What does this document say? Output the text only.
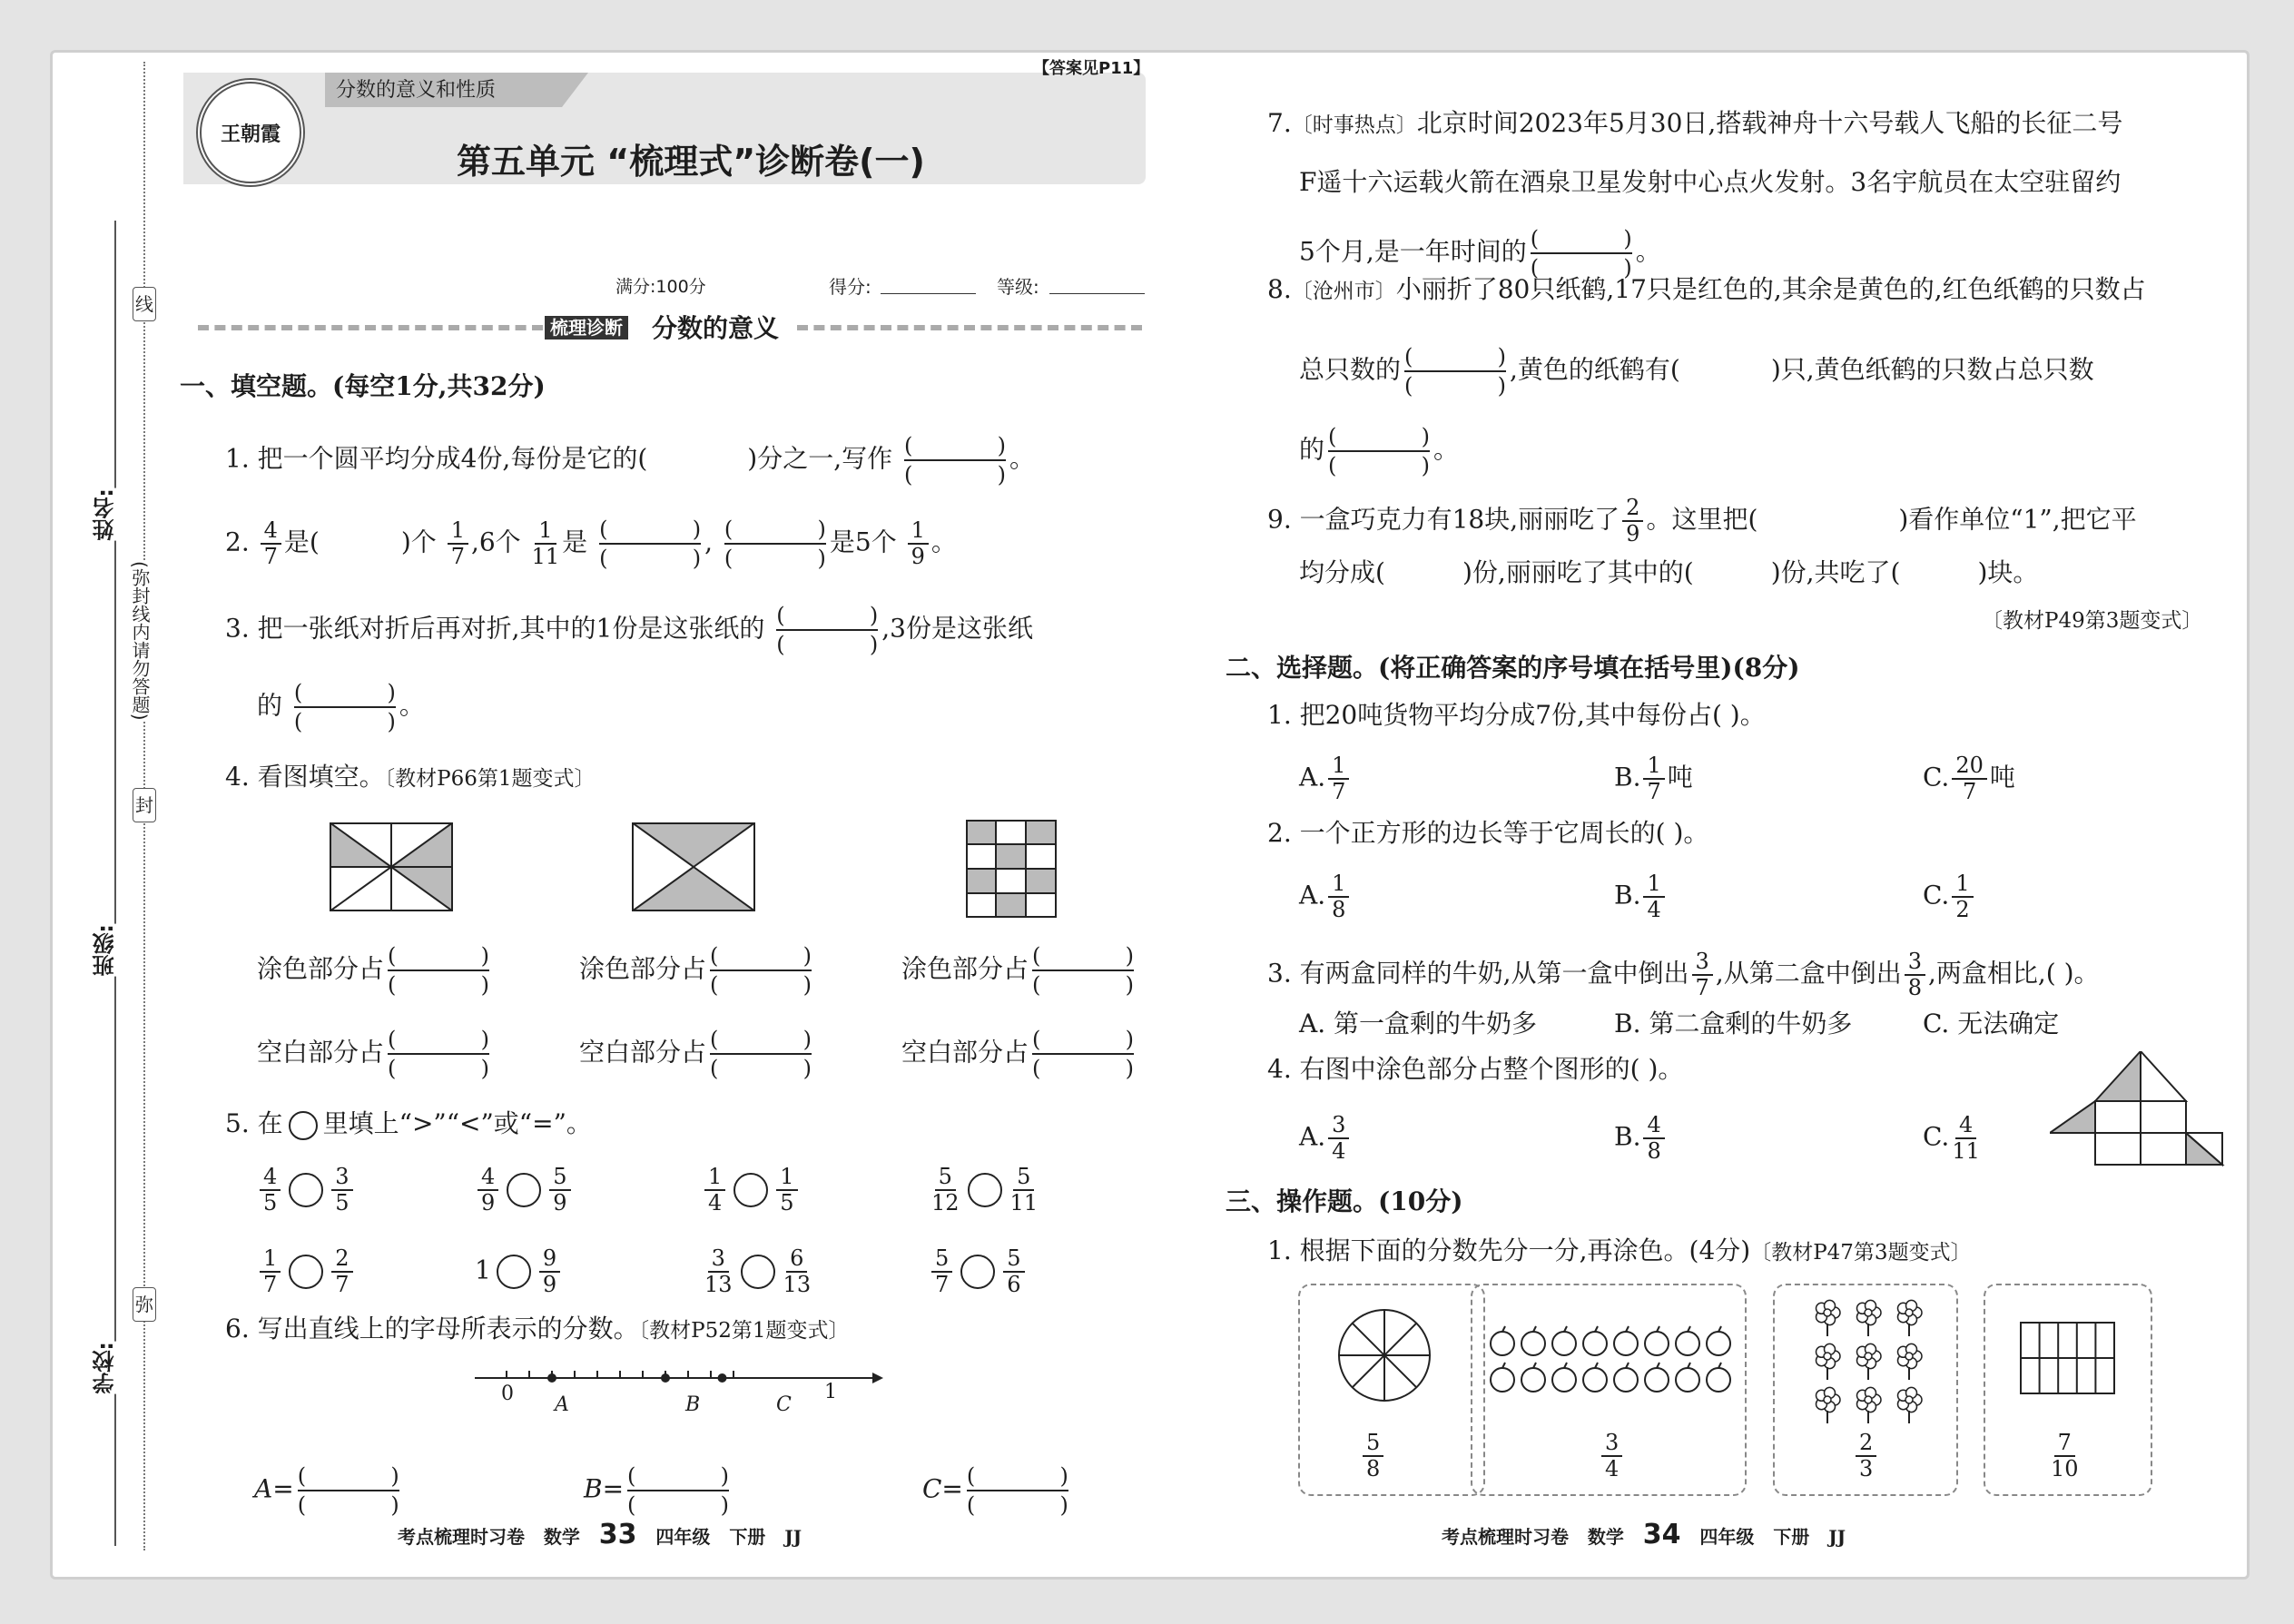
线
封
弥
(弥封线内请勿答题)
姓名:
班级:
学校:
分数的意义和性质
【答案见P11】
王朝霞
第五单元 “梳理式”诊断卷(一)
满分:100分	得分:	等级:
梳理诊断 分数的意义
一、填空题。(每空1分,共32分)
1. 把一个圆平均分成4份,每份是它的(	)分之一,写作 (	)
(	)
。
2. $\frac{4}{7}$ 是(	)个 $\frac{1}{7} ,6$个 $\frac{1}{11}$ 是 (	)
(	)
, (	)
(	)
是5个 $\frac{1}{9}$ 。
3. 把一张纸对折后再对折,其中的1份是这张纸的 (	)
(	)
,3份是这张纸
的 (	)
(	)
。
4. 看图填空。〔教材P66第1题变式〕
涂色部分占 (	)
(	)
涂色部分占 (	)
(	)
涂色部分占 (	)
(	)
空白部分占 (	)
(	)
空白部分占 (	)
(	)
空白部分占 (	)
(	)
5. 在 里填上“>”“<”或“=”。
$\frac{4}{5} \frac{3}{5}$	$\frac{4}{9} \frac{5}{9}$	$\frac{1}{4} \frac{1}{5}$	$\frac{5}{12} \frac{5}{11}$
$\frac{1}{7} \frac{2}{7}$	$1 \frac{9}{9}$	$\frac{3}{13} \frac{6}{13}$	$\frac{5}{7} \frac{5}{6}$
6. 写出直线上的字母所表示的分数。〔教材P52第1题变式〕
0	1
A	B	C
A= (	)
(	)
B= (	)
(	)
C= (	)
(	)
考点梳理时习卷 数学 33 四年级 下册 JJ
7.〔时事热点〕北京时间2023年5月30日,搭载神舟十六号载人飞船的长征二号
F遥十六运载火箭在酒泉卫星发射中心点火发射。3名宇航员在太空驻留约
5个月,是一年时间的 (	)
(	)
。
8.〔沧州市〕小丽折了80只纸鹤,17只是红色的,其余是黄色的,红色纸鹤的只数占
总只数的 (	)
(	)
,黄色的纸鹤有(	)只,黄色纸鹤的只数占总只数
的 (	)
(	)
。
9. 一盒巧克力有18块,丽丽吃了 $\frac{2}{9}$ 。这里把(	)看作单位“1”,把它平
均分成(	)份,丽丽吃了其中的(	)份,共吃了(	)块。
〔教材P49第3题变式〕
二、选择题。(将正确答案的序号填在括号里)(8分)
1. 把20吨货物平均分成7份,其中每份占( )。
A. $\frac{1}{7}$	B. $\frac{1}{7}$ 吨	C. $\frac{20}{7}$ 吨
2. 一个正方形的边长等于它周长的( )。
A. $\frac{1}{8}$	B. $\frac{1}{4}$	C. $\frac{1}{2}$
3. 有两盒同样的牛奶,从第一盒中倒出 $\frac{3}{7}$ ,从第二盒中倒出 $\frac{3}{8}$ ,两盒相比,( )。
A. 第一盒剩的牛奶多	B. 第二盒剩的牛奶多	C. 无法确定
4. 右图中涂色部分占整个图形的( )。
A. $\frac{3}{4}$	B. $\frac{4}{8}$	C. $\frac{4}{11}$
三、操作题。(10分)
1. 根据下面的分数先分一分,再涂色。(4分)〔教材P47第3题变式〕
$\frac{5}{8}$	$\frac{3}{4}$	$\frac{2}{3}$	$\frac{7}{10}$
考点梳理时习卷 数学 34 四年级 下册 JJ
